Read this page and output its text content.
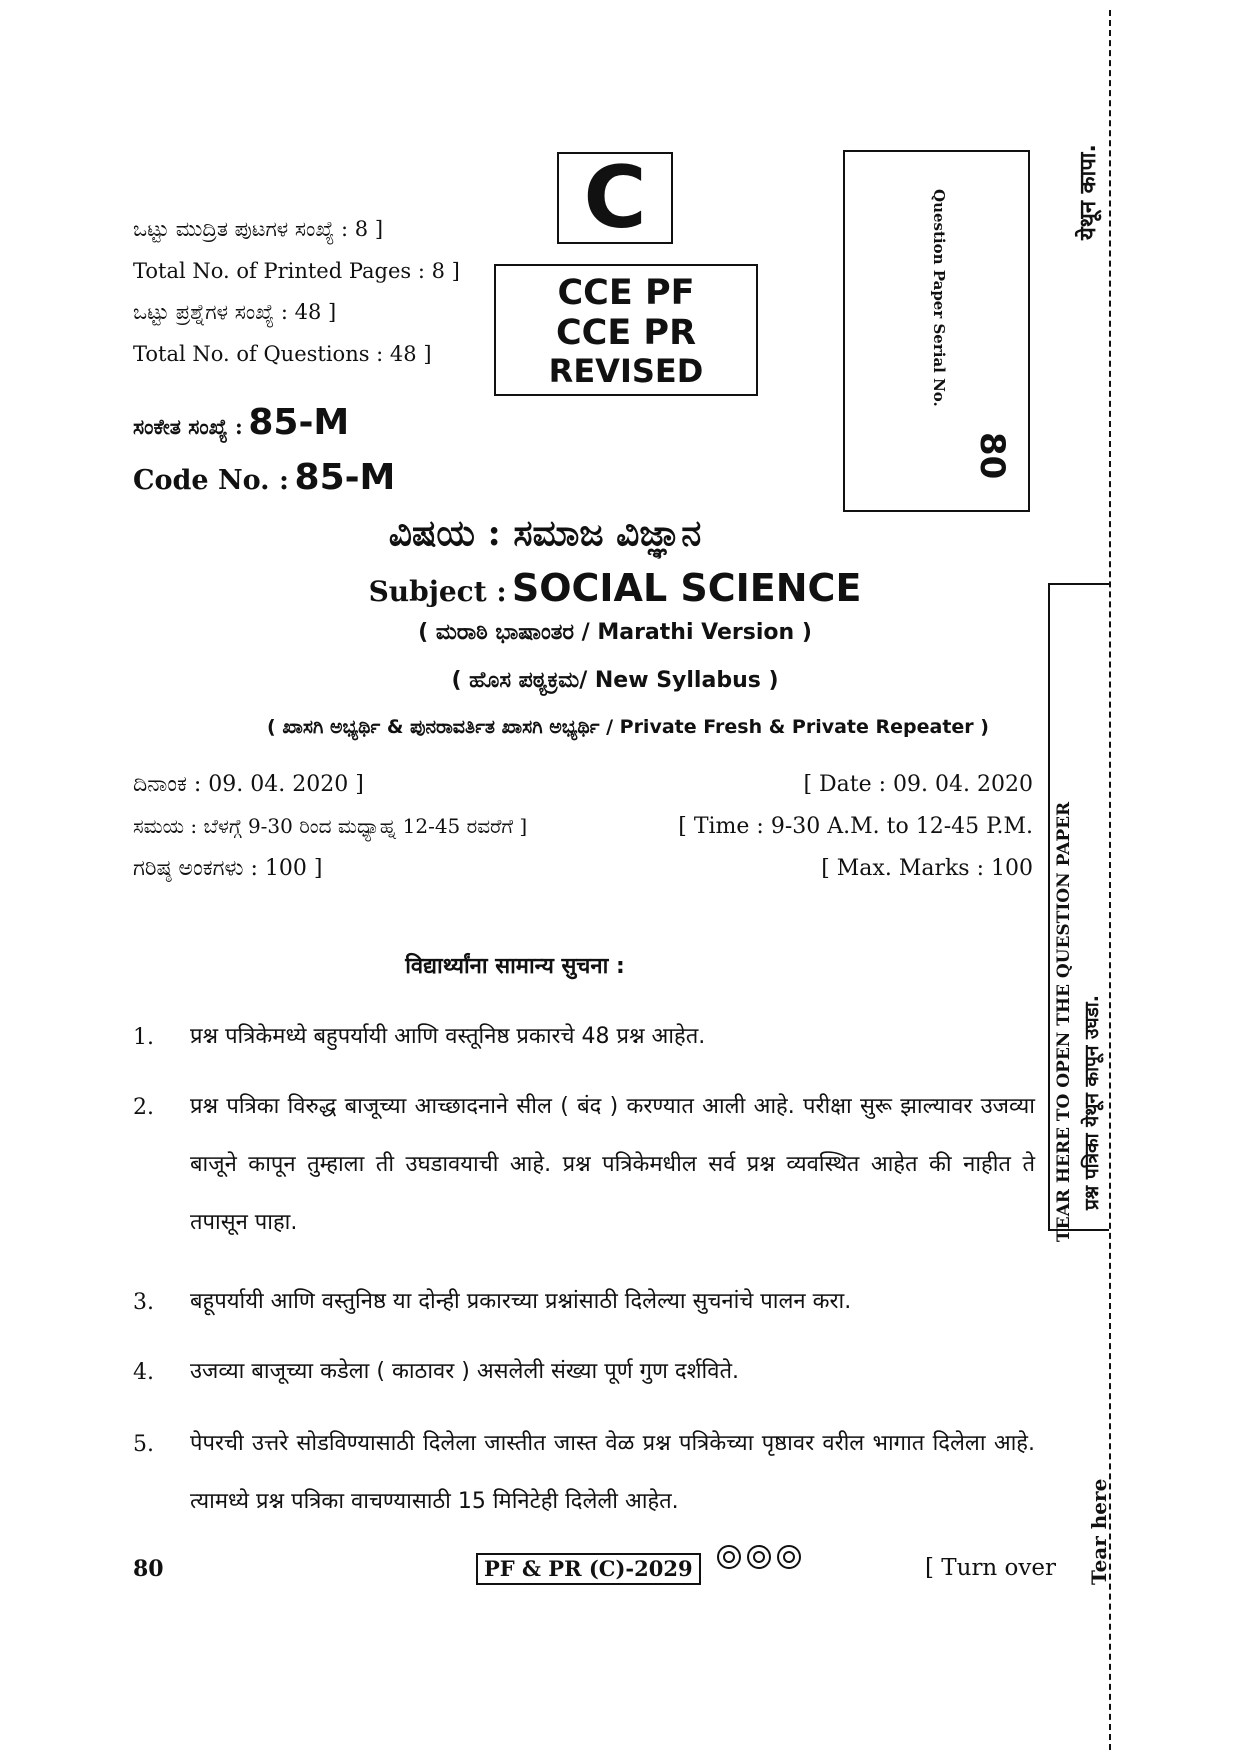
ಒಟ್ಟು ಮುದ್ರಿತ ಪುಟಗಳ ಸಂಖ್ಯೆ : 8 ]
Total No. of Printed Pages : 8 ]
ಒಟ್ಟು ಪ್ರಶ್ನೆಗಳ ಸಂಖ್ಯೆ : 48 ]
Total No. of Questions : 48 ]
C
CCE PF
CCE PR
REVISED	Question Paper Serial No.
80
ಸಂಕೇತ ಸಂಖ್ಯೆ : 85-M
Code No. : 85-M
ವಿಷಯ : ಸಮಾಜ ವಿಜ್ಞಾನ
Subject : SOCIAL SCIENCE
( ಮರಾಠಿ ಭಾಷಾಂತರ / Marathi Version )
( ಹೊಸ ಪಠ್ಯಕ್ರಮ/ New Syllabus )
( ಖಾಸಗಿ ಅಭ್ಯರ್ಥಿ & ಪುನರಾವರ್ತಿತ ಖಾಸಗಿ ಅಭ್ಯರ್ಥಿ / Private Fresh & Private Repeater )
ದಿನಾಂಕ : 09. 04. 2020 ]	[ Date : 09. 04. 2020
ಸಮಯ : ಬೆಳಗ್ಗೆ 9-30 ರಿಂದ ಮಧ್ಯಾಹ್ನ 12-45 ರವರೆಗೆ ]	[ Time : 9-30 A.M. to 12-45 P.M.
ಗರಿಷ್ಠ ಅಂಕಗಳು : 100 ]	[ Max. Marks : 100
विद्यार्थ्यांना सामान्य सुचना :
1. प्रश्न पत्रिकेमध्ये बहुपर्यायी आणि वस्तूनिष्ठ प्रकारचे 48 प्रश्न आहेत.
2. प्रश्न पत्रिका विरुद्ध बाजूच्या आच्छादनाने सील ( बंद ) करण्यात आली आहे. परीक्षा सुरू झाल्यावर उजव्या बाजूने कापून तुम्हाला ती उघडावयाची आहे. प्रश्न पत्रिकेमधील सर्व प्रश्न व्यवस्थित आहेत की नाहीत ते तपासून पाहा.
3. बहूपर्यायी आणि वस्तुनिष्ठ या दोन्ही प्रकारच्या प्रश्नांसाठी दिलेल्या सुचनांचे पालन करा.
4. उजव्या बाजूच्या कडेला ( काठावर ) असलेली संख्या पूर्ण गुण दर्शविते.
5. पेपरची उत्तरे सोडविण्यासाठी दिलेला जास्तीत जास्त वेळ प्रश्न पत्रिकेच्या पृष्ठावर वरील भागात दिलेला आहे. त्यामध्ये प्रश्न पत्रिका वाचण्यासाठी 15 मिनिटेही दिलेली आहेत.
80	PF & PR (C)-2029	[ Turn over
येथून कापा.
TEAR HERE TO OPEN THE QUESTION PAPER प्रश्न पत्रिका येथून कापून उघडा.
Tear here
